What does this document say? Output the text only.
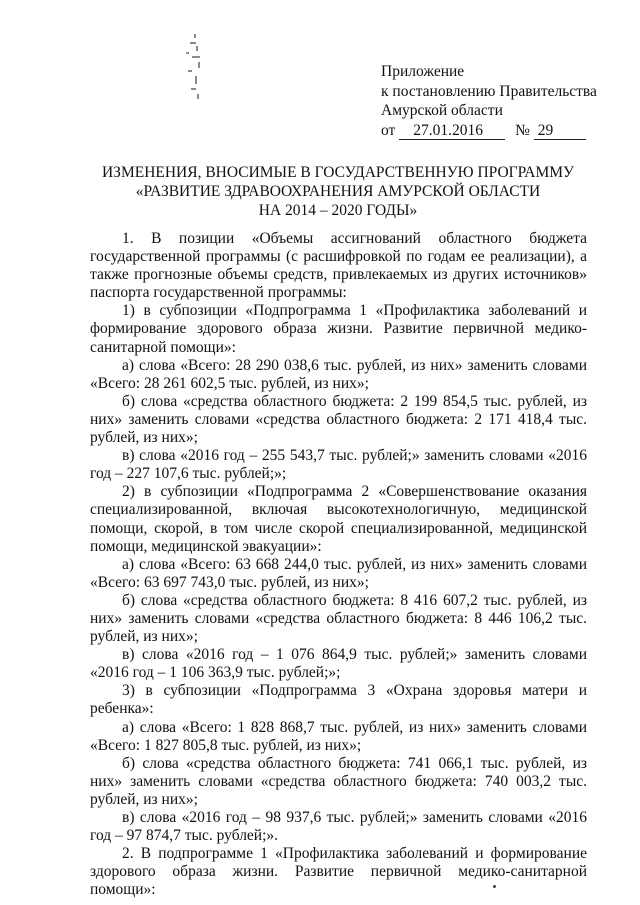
Приложение
к постановлению Правительства
Амурской области
от 27.01.2016 № 29
ИЗМЕНЕНИЯ, ВНОСИМЫЕ В ГОСУДАРСТВЕННУЮ ПРОГРАММУ
«РАЗВИТИЕ ЗДРАВООХРАНЕНИЯ АМУРСКОЙ ОБЛАСТИ
НА 2014 – 2020 ГОДЫ»

1. В позиции «Объемы ассигнований областного бюджета государственной программы (с расшифровкой по годам ее реализации), а также прогнозные объемы средств, привлекаемых из других источников» паспорта государственной программы:

1) в субпозиции «Подпрограмма 1 «Профилактика заболеваний и формирование здорового образа жизни. Развитие первичной медико-санитарной помощи»:

а) слова «Всего: 28 290 038,6 тыс. рублей, из них» заменить словами «Всего: 28 261 602,5 тыс. рублей, из них»;

б) слова «средства областного бюджета: 2 199 854,5 тыс. рублей, из них» заменить словами «средства областного бюджета: 2 171 418,4 тыс. рублей, из них»;

в) слова «2016 год – 255 543,7 тыс. рублей;» заменить словами «2016 год – 227 107,6 тыс. рублей;»;

2) в субпозиции «Подпрограмма 2 «Совершенствование оказания специализированной, включая высокотехнологичную, медицинской помощи, скорой, в том числе скорой специализированной, медицинской помощи, медицинской эвакуации»:

а) слова «Всего: 63 668 244,0 тыс. рублей, из них» заменить словами «Всего: 63 697 743,0 тыс. рублей, из них»;

б) слова «средства областного бюджета: 8 416 607,2 тыс. рублей, из них» заменить словами «средства областного бюджета: 8 446 106,2 тыс. рублей, из них»;

в) слова «2016 год – 1 076 864,9 тыс. рублей;» заменить словами «2016 год – 1 106 363,9 тыс. рублей;»;

3) в субпозиции «Подпрограмма 3 «Охрана здоровья матери и ребенка»:

а) слова «Всего: 1 828 868,7 тыс. рублей, из них» заменить словами «Всего: 1 827 805,8 тыс. рублей, из них»;

б) слова «средства областного бюджета: 741 066,1 тыс. рублей, из них» заменить словами «средства областного бюджета: 740 003,2 тыс. рублей, из них»;

в) слова «2016 год – 98 937,6 тыс. рублей;» заменить словами «2016 год – 97 874,7 тыс. рублей;».

2. В подпрограмме 1 «Профилактика заболеваний и формирование здорового образа жизни. Развитие первичной медико-санитарной помощи»:
